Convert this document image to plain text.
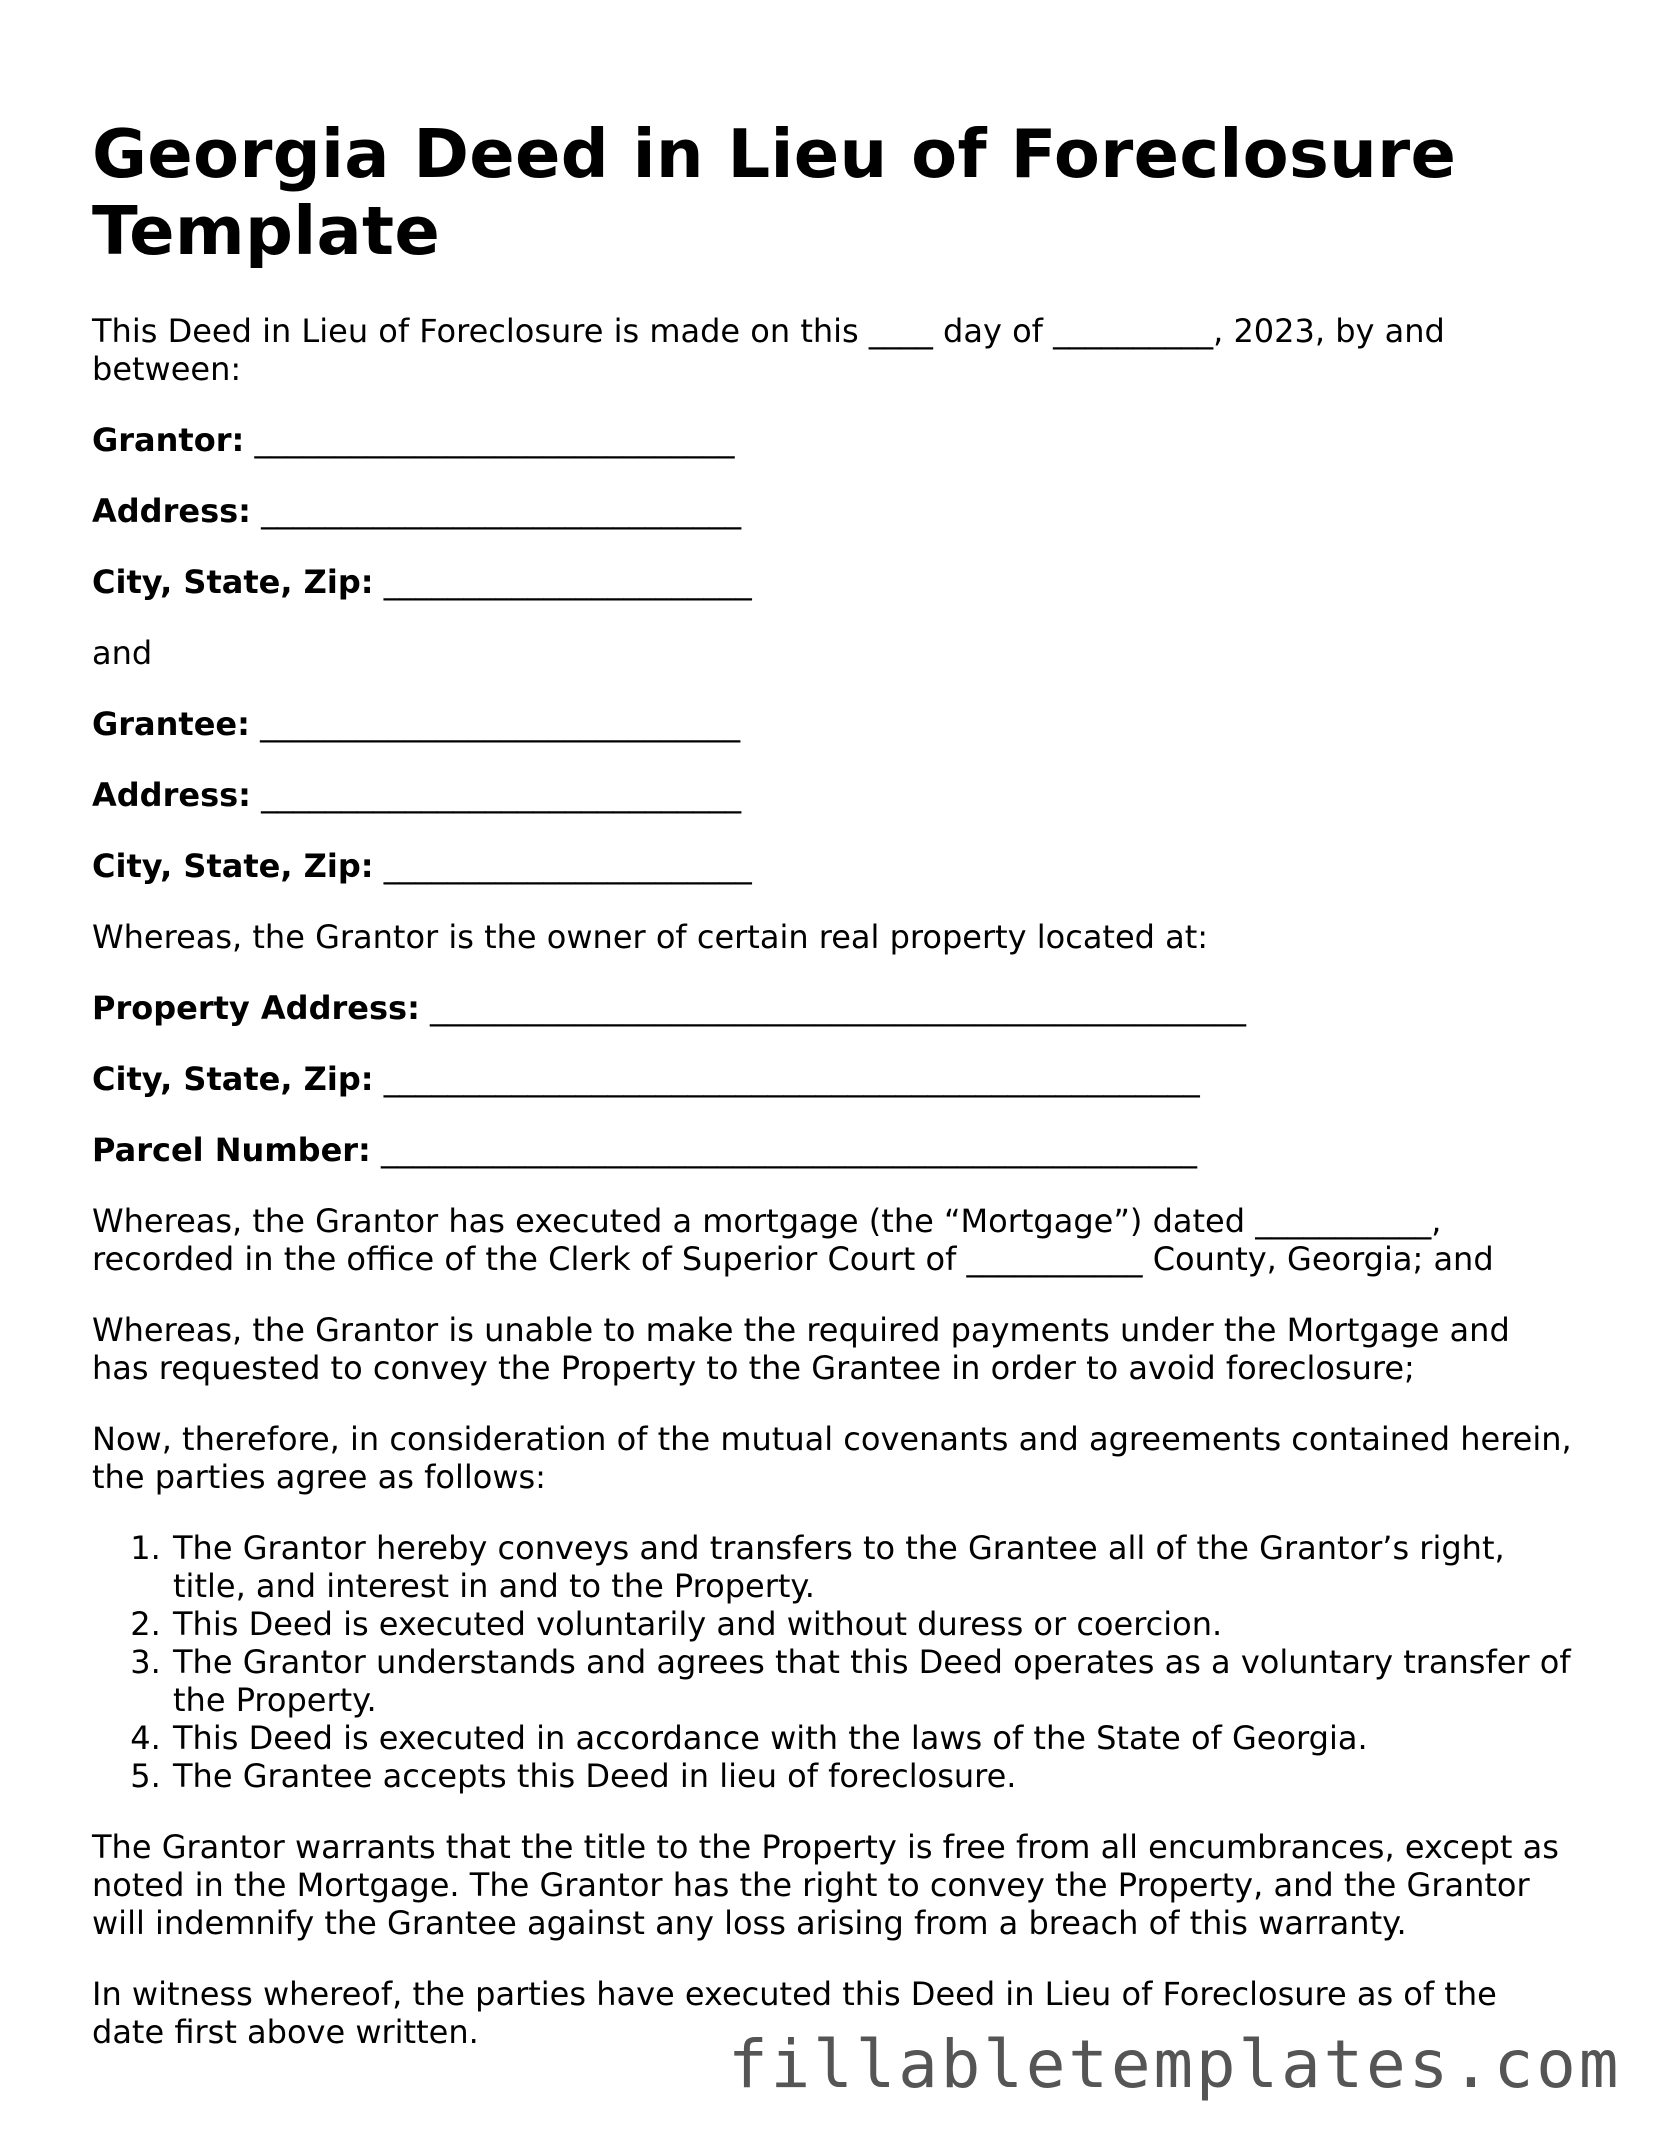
Georgia Deed in Lieu of Foreclosure Template

This Deed in Lieu of Foreclosure is made on this ____ day of __________, 2023, by and between:

Grantor: ______________________________
Address: ______________________________
City, State, Zip: _______________________

and

Grantee: ______________________________
Address: ______________________________
City, State, Zip: _______________________

Whereas, the Grantor is the owner of certain real property located at:

Property Address: ___________________________________________________
City, State, Zip: ___________________________________________________
Parcel Number: ___________________________________________________

Whereas, the Grantor has executed a mortgage (the “Mortgage”) dated ___________, recorded in the office of the Clerk of Superior Court of ___________ County, Georgia; and

Whereas, the Grantor is unable to make the required payments under the Mortgage and has requested to convey the Property to the Grantee in order to avoid foreclosure;

Now, therefore, in consideration of the mutual covenants and agreements contained herein, the parties agree as follows:

1. The Grantor hereby conveys and transfers to the Grantee all of the Grantor’s right, title, and interest in and to the Property.
2. This Deed is executed voluntarily and without duress or coercion.
3. The Grantor understands and agrees that this Deed operates as a voluntary transfer of the Property.
4. This Deed is executed in accordance with the laws of the State of Georgia.
5. The Grantee accepts this Deed in lieu of foreclosure.

The Grantor warrants that the title to the Property is free from all encumbrances, except as noted in the Mortgage. The Grantor has the right to convey the Property, and the Grantor will indemnify the Grantee against any loss arising from a breach of this warranty.

In witness whereof, the parties have executed this Deed in Lieu of Foreclosure as of the date first above written.	fillabletemplates.com
